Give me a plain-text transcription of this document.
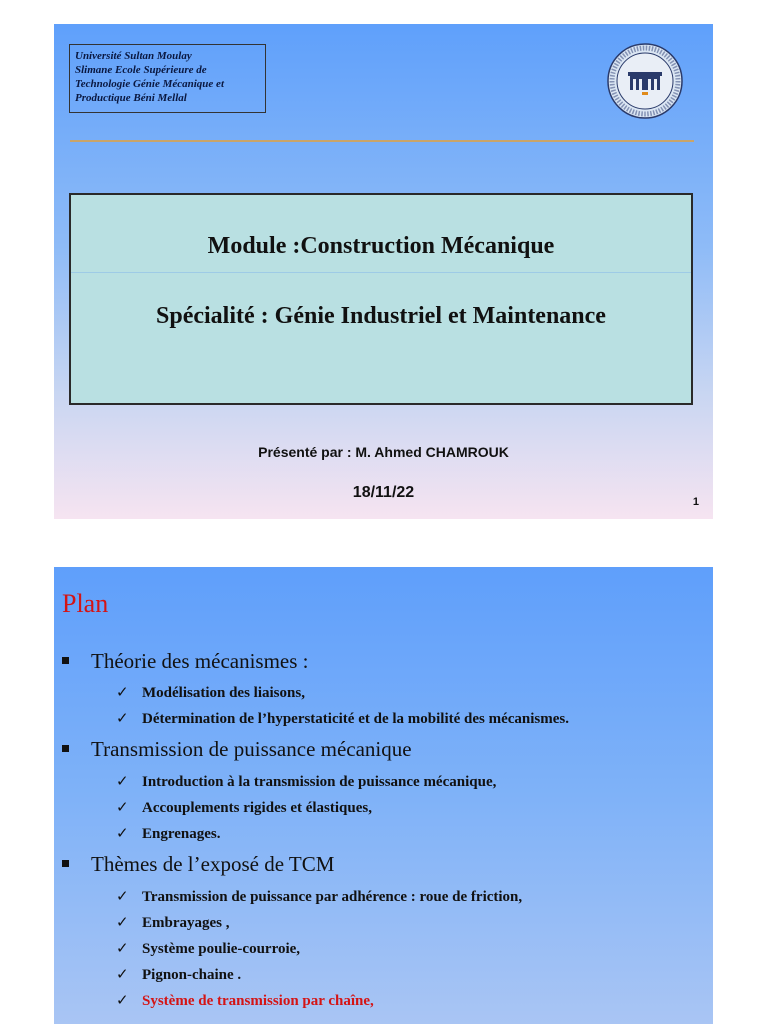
Université Sultan Moulay
Slimane Ecole Supérieure de
Technologie Génie Mécanique et
Productique Béni Mellal
Module :Construction Mécanique
Spécialité : Génie Industriel et Maintenance
Présenté par : M. Ahmed CHAMROUK
18/11/22
1
Plan
Théorie des mécanismes :
✓ Modélisation des liaisons,
✓ Détermination de l’hyperstaticité et de la mobilité des mécanismes.
Transmission de puissance mécanique
✓ Introduction à la transmission de puissance mécanique,
✓ Accouplements rigides et élastiques,
✓ Engrenages.
Thèmes de l’exposé de TCM
✓ Transmission de puissance par adhérence : roue de friction,
✓ Embrayages ,
✓ Système poulie-courroie,
✓ Pignon-chaine .
✓ Système de transmission par chaîne,
